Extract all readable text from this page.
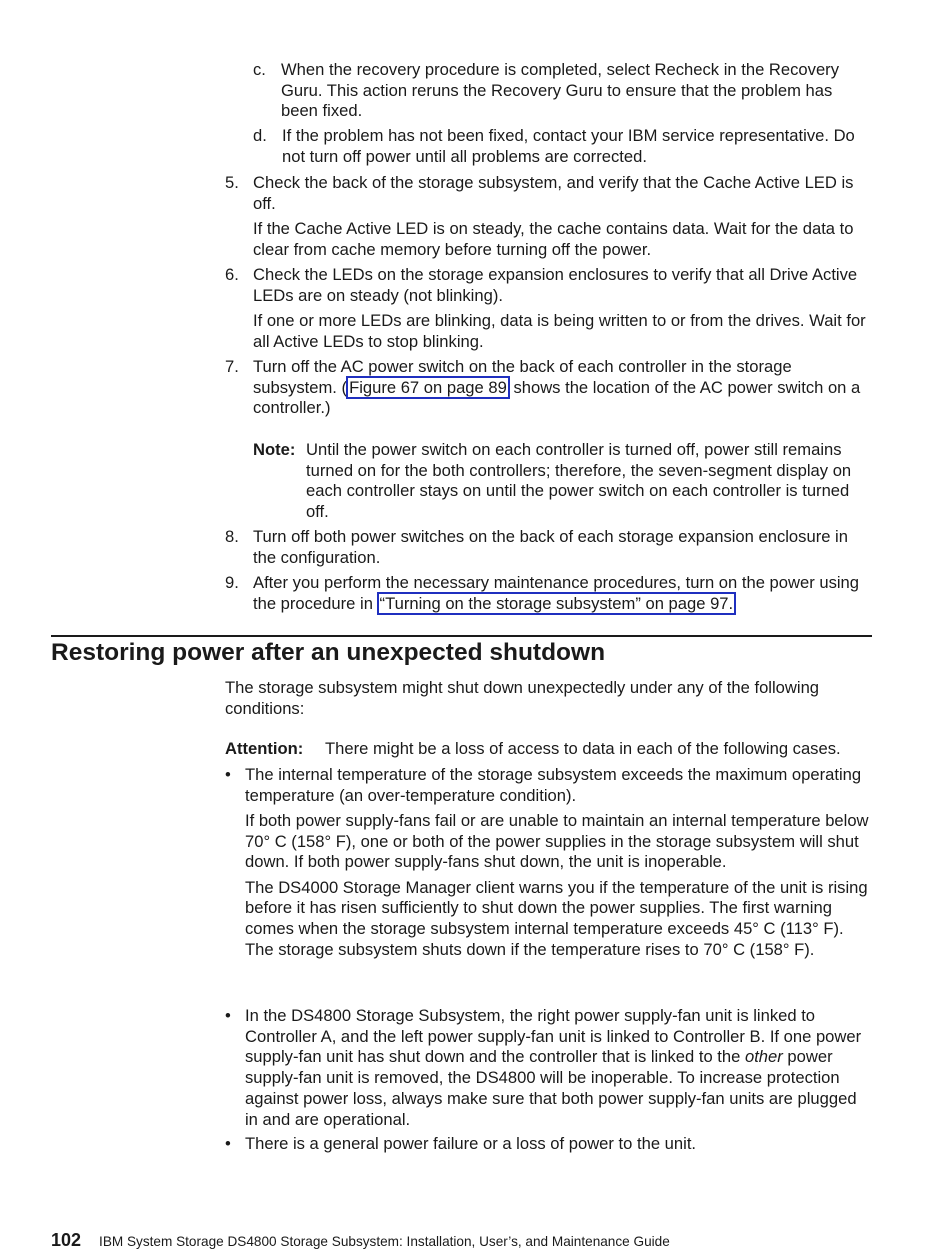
c. When the recovery procedure is completed, select Recheck in the Recovery Guru. This action reruns the Recovery Guru to ensure that the problem has been fixed.

d. If the problem has not been fixed, contact your IBM service representative. Do not turn off power until all problems are corrected.

5. Check the back of the storage subsystem, and verify that the Cache Active LED is off.

If the Cache Active LED is on steady, the cache contains data. Wait for the data to clear from cache memory before turning off the power.

6. Check the LEDs on the storage expansion enclosures to verify that all Drive Active LEDs are on steady (not blinking).

If one or more LEDs are blinking, data is being written to or from the drives. Wait for all Active LEDs to stop blinking.

7. Turn off the AC power switch on the back of each controller in the storage subsystem. ( Figure 67 on page 89 shows the location of the AC power switch on a controller.)

Note: Until the power switch on each controller is turned off, power still remains turned on for the both controllers; therefore, the seven-segment display on each controller stays on until the power switch on each controller is turned off.

8. Turn off both power switches on the back of each storage expansion enclosure in the configuration.

9. After you perform the necessary maintenance procedures, turn on the power using the procedure in “Turning on the storage subsystem” on page 97.

Restoring power after an unexpected shutdown

The storage subsystem might shut down unexpectedly under any of the following conditions:

Attention: There might be a loss of access to data in each of the following cases.

• The internal temperature of the storage subsystem exceeds the maximum operating temperature (an over-temperature condition).

If both power supply-fans fail or are unable to maintain an internal temperature below 70° C (158° F), one or both of the power supplies in the storage subsystem will shut down. If both power supply-fans shut down, the unit is inoperable.

The DS4000 Storage Manager client warns you if the temperature of the unit is rising before it has risen sufficiently to shut down the power supplies. The first warning comes when the storage subsystem internal temperature exceeds 45° C (113° F). The storage subsystem shuts down if the temperature rises to 70° C (158° F).

• In the DS4800 Storage Subsystem, the right power supply-fan unit is linked to Controller A, and the left power supply-fan unit is linked to Controller B. If one power supply-fan unit has shut down and the controller that is linked to the other power supply-fan unit is removed, the DS4800 will be inoperable. To increase protection against power loss, always make sure that both power supply-fan units are plugged in and are operational.

• There is a general power failure or a loss of power to the unit.

102 IBM System Storage DS4800 Storage Subsystem: Installation, User’s, and Maintenance Guide
